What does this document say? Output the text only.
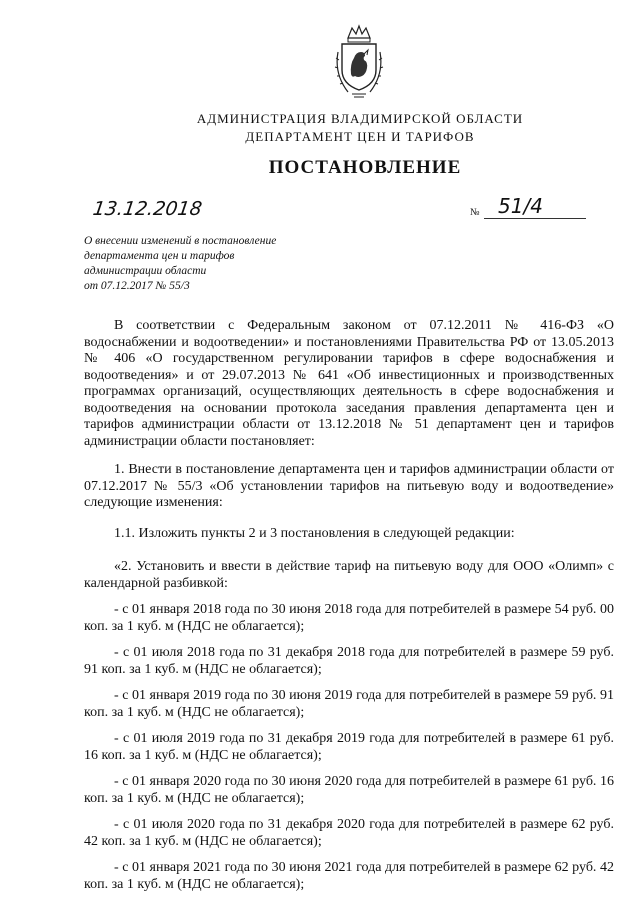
АДМИНИСТРАЦИЯ ВЛАДИМИРСКОЙ ОБЛАСТИ
ДЕПАРТАМЕНТ ЦЕН И ТАРИФОВ
ПОСТАНОВЛЕНИЕ
13.12.2018	№ 51/4
О внесении изменений в постановление
департамента цен и тарифов
администрации области
от 07.12.2017 № 55/3

В соответствии с Федеральным законом от 07.12.2011 № 416-ФЗ «О водоснабжении и водоотведении» и постановлениями Правительства РФ от 13.05.2013 № 406 «О государственном регулировании тарифов в сфере водоснабжения и водоотведения» и от 29.07.2013 № 641 «Об инвестиционных и производственных программах организаций, осуществляющих деятельность в сфере водоснабжения и водоотведения на основании протокола заседания правления департамента цен и тарифов администрации области от 13.12.2018 № 51 департамент цен и тарифов администрации области постановляет:

1. Внести в постановление департамента цен и тарифов администрации области от 07.12.2017 № 55/3 «Об установлении тарифов на питьевую воду и водоотведение» следующие изменения:

1.1. Изложить пункты 2 и 3 постановления в следующей редакции:

«2. Установить и ввести в действие тариф на питьевую воду для ООО «Олимп» с календарной разбивкой:

- с 01 января 2018 года по 30 июня 2018 года для потребителей в размере 54 руб. 00 коп. за 1 куб. м (НДС не облагается);

- с 01 июля 2018 года по 31 декабря 2018 года для потребителей в размере 59 руб. 91 коп. за 1 куб. м (НДС не облагается);

- с 01 января 2019 года по 30 июня 2019 года для потребителей в размере 59 руб. 91 коп. за 1 куб. м (НДС не облагается);

- с 01 июля 2019 года по 31 декабря 2019 года для потребителей в размере 61 руб. 16 коп. за 1 куб. м (НДС не облагается);

- с 01 января 2020 года по 30 июня 2020 года для потребителей в размере 61 руб. 16 коп. за 1 куб. м (НДС не облагается);

- с 01 июля 2020 года по 31 декабря 2020 года для потребителей в размере 62 руб. 42 коп. за 1 куб. м (НДС не облагается);

- с 01 января 2021 года по 30 июня 2021 года для потребителей в размере 62 руб. 42 коп. за 1 куб. м (НДС не облагается);
